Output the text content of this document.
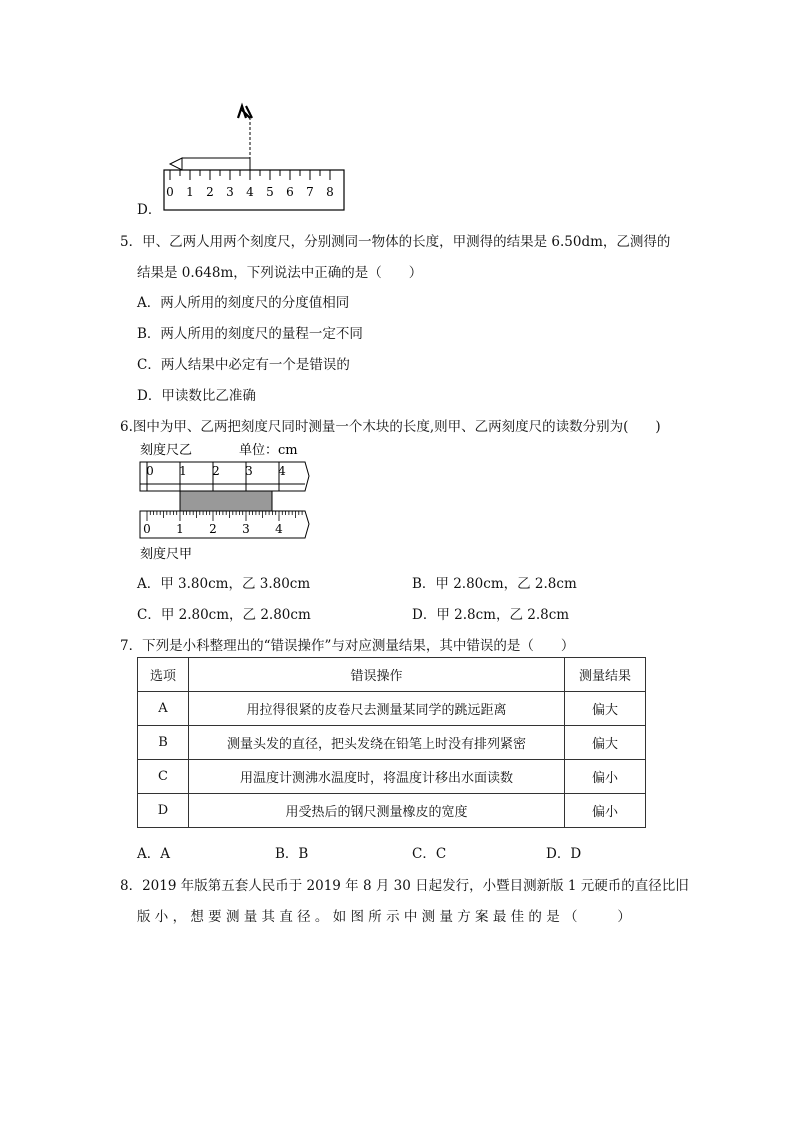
0 1 2 3 4 5 6 7 8
D．
5．甲、乙两人用两个刻度尺，分别测同一物体的长度，甲测得的结果是 6.50dm，乙测得的
结果是 0.648m，下列说法中正确的是（　　）
A．两人所用的刻度尺的分度值相同
B．两人所用的刻度尺的量程一定不同
C．两人结果中必定有一个是错误的
D．甲读数比乙准确
6.图中为甲、乙两把刻度尺同时测量一个木块的长度,则甲、乙两刻度尺的读数分别为(　　)
刻度尺乙	单位：cm
0 1 2 3 4
0 1 2 3 4
刻度尺甲
A．甲 3.80cm，乙 3.80cm	B．甲 2.80cm，乙 2.8cm
C．甲 2.80cm，乙 2.80cm	D．甲 2.8cm，乙 2.8cm
7．下列是小科整理出的“错误操作”与对应测量结果，其中错误的是（　　）
选项	错误操作	测量结果
A	用拉得很紧的皮卷尺去测量某同学的跳远距离	偏大
B	测量头发的直径，把头发绕在铅笔上时没有排列紧密	偏大
C	用温度计测沸水温度时，将温度计移出水面读数	偏小
D	用受热后的钢尺测量橡皮的宽度	偏小
A．A	B．B	C．C	D．D
8．2019 年版第五套人民币于 2019 年 8 月 30 日起发行，小暨目测新版 1 元硬币的直径比旧
版 小 ， 想 要 测 量 其 直 径 。 如 图 所 示 中 测 量 方 案 最 佳 的 是 （ 　 　 ）
